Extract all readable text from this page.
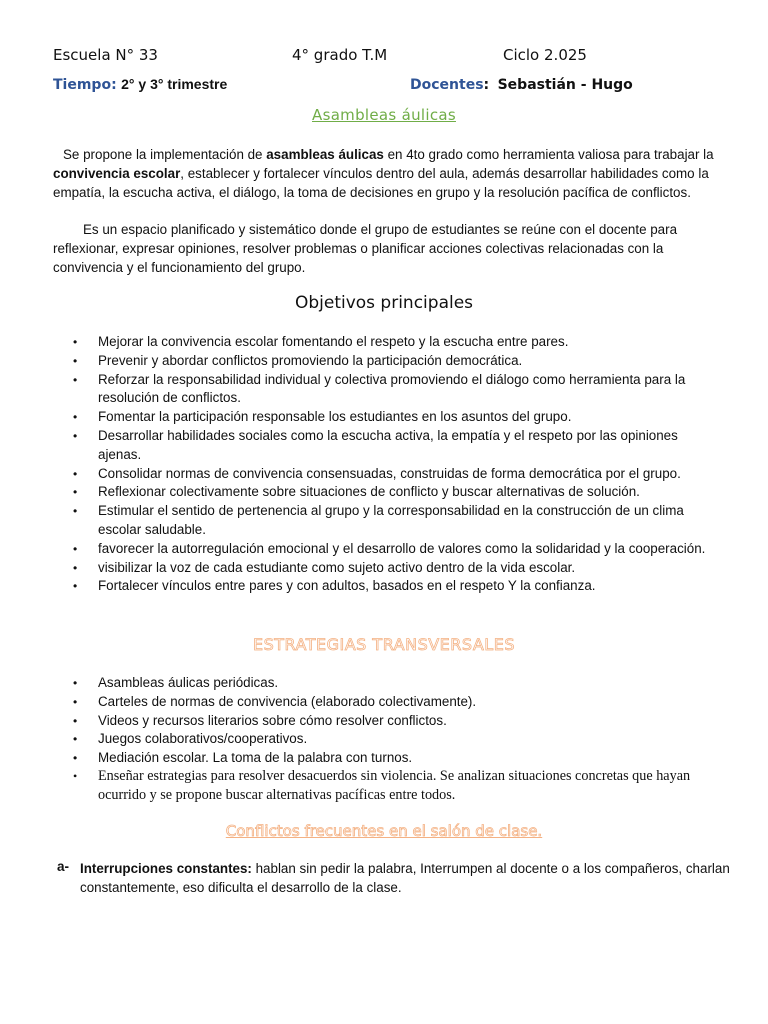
Escuela N° 33	4° grado T.M	Ciclo 2.025
Tiempo: 2° y 3° trimestre	Docentes: Sebastián - Hugo
Asambleas áulicas
Se propone la implementación de asambleas áulicas en 4to grado como herramienta valiosa para trabajar la convivencia escolar, establecer y fortalecer vínculos dentro del aula, además desarrollar habilidades como la empatía, la escucha activa, el diálogo, la toma de decisiones en grupo y la resolución pacífica de conflictos.
Es un espacio planificado y sistemático donde el grupo de estudiantes se reúne con el docente para reflexionar, expresar opiniones, resolver problemas o planificar acciones colectivas relacionadas con la convivencia y el funcionamiento del grupo.
Objetivos principales
• Mejorar la convivencia escolar fomentando el respeto y la escucha entre pares.
• Prevenir y abordar conflictos promoviendo la participación democrática.
• Reforzar la responsabilidad individual y colectiva promoviendo el diálogo como herramienta para la resolución de conflictos.
• Fomentar la participación responsable los estudiantes en los asuntos del grupo.
• Desarrollar habilidades sociales como la escucha activa, la empatía y el respeto por las opiniones ajenas.
• Consolidar normas de convivencia consensuadas, construidas de forma democrática por el grupo.
• Reflexionar colectivamente sobre situaciones de conflicto y buscar alternativas de solución.
• Estimular el sentido de pertenencia al grupo y la corresponsabilidad en la construcción de un clima escolar saludable.
• favorecer la autorregulación emocional y el desarrollo de valores como la solidaridad y la cooperación.
• visibilizar la voz de cada estudiante como sujeto activo dentro de la vida escolar.
• Fortalecer vínculos entre pares y con adultos, basados en el respeto Y la confianza.
ESTRATEGIAS TRANSVERSALES
• Asambleas áulicas periódicas.
• Carteles de normas de convivencia (elaborado colectivamente).
• Videos y recursos literarios sobre cómo resolver conflictos.
• Juegos colaborativos/cooperativos.
• Mediación escolar. La toma de la palabra con turnos.
• Enseñar estrategias para resolver desacuerdos sin violencia. Se analizan situaciones concretas que hayan ocurrido y se propone buscar alternativas pacíficas entre todos.
Conflictos frecuentes en el salón de clase.
a- Interrupciones constantes: hablan sin pedir la palabra, Interrumpen al docente o a los compañeros, charlan constantemente, eso dificulta el desarrollo de la clase.
